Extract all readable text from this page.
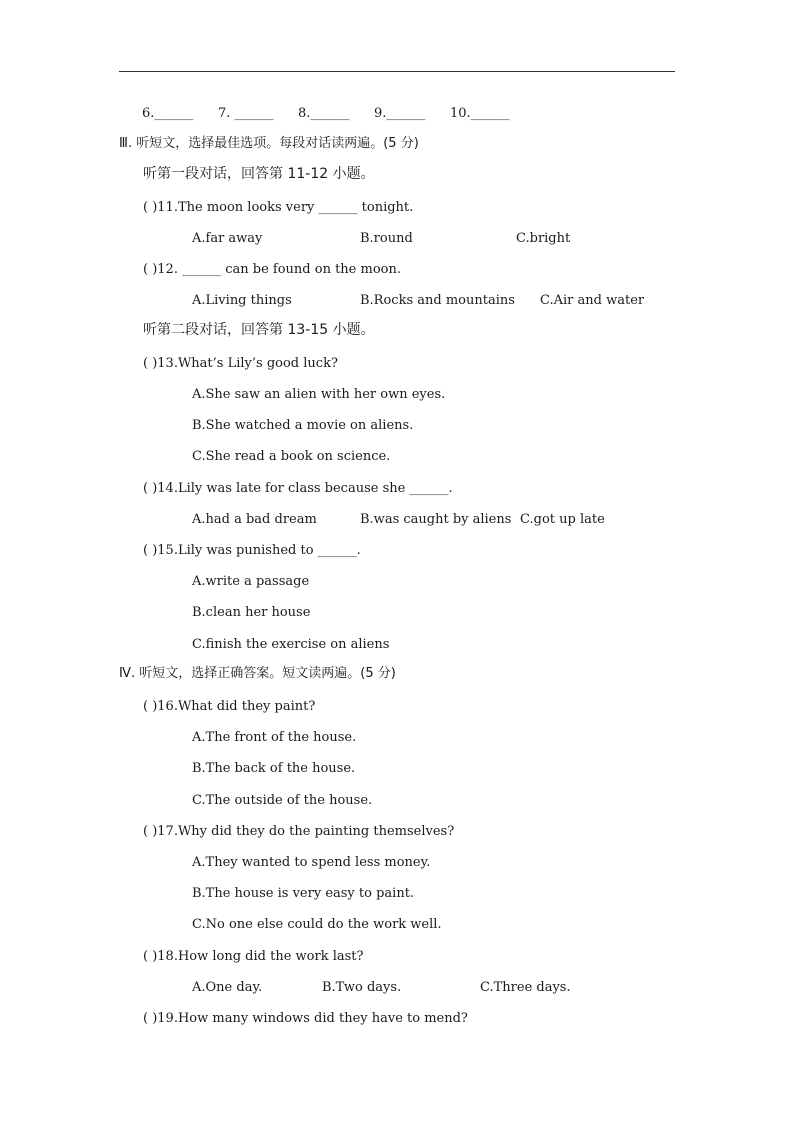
6.______ 7. ______ 8.______ 9.______ 10.______
Ⅲ. 听短文，选择最佳选项。每段对话读两遍。(5 分)
听第一段对话，回答第 11-12 小题。
( )11.The moon looks very ______ tonight.
A.far away	B.round	C.bright
( )12. ______ can be found on the moon.
A.Living things	B.Rocks and mountains C.Air and water
听第二段对话，回答第 13-15 小题。
( )13.What’s Lily’s good luck?
A.She saw an alien with her own eyes.
B.She watched a movie on aliens.
C.She read a book on science.
( )14.Lily was late for class because she ______.
A.had a bad dream	B.was caught by aliens C.got up late
( )15.Lily was punished to ______.
A.write a passage
B.clean her house
C.finish the exercise on aliens
Ⅳ. 听短文，选择正确答案。短文读两遍。(5 分)
( )16.What did they paint?
A.The front of the house.
B.The back of the house.
C.The outside of the house.
( )17.Why did they do the painting themselves?
A.They wanted to spend less money.
B.The house is very easy to paint.
C.No one else could do the work well.
( )18.How long did the work last?
A.One day.	B.Two days.	C.Three days.
( )19.How many windows did they have to mend?
